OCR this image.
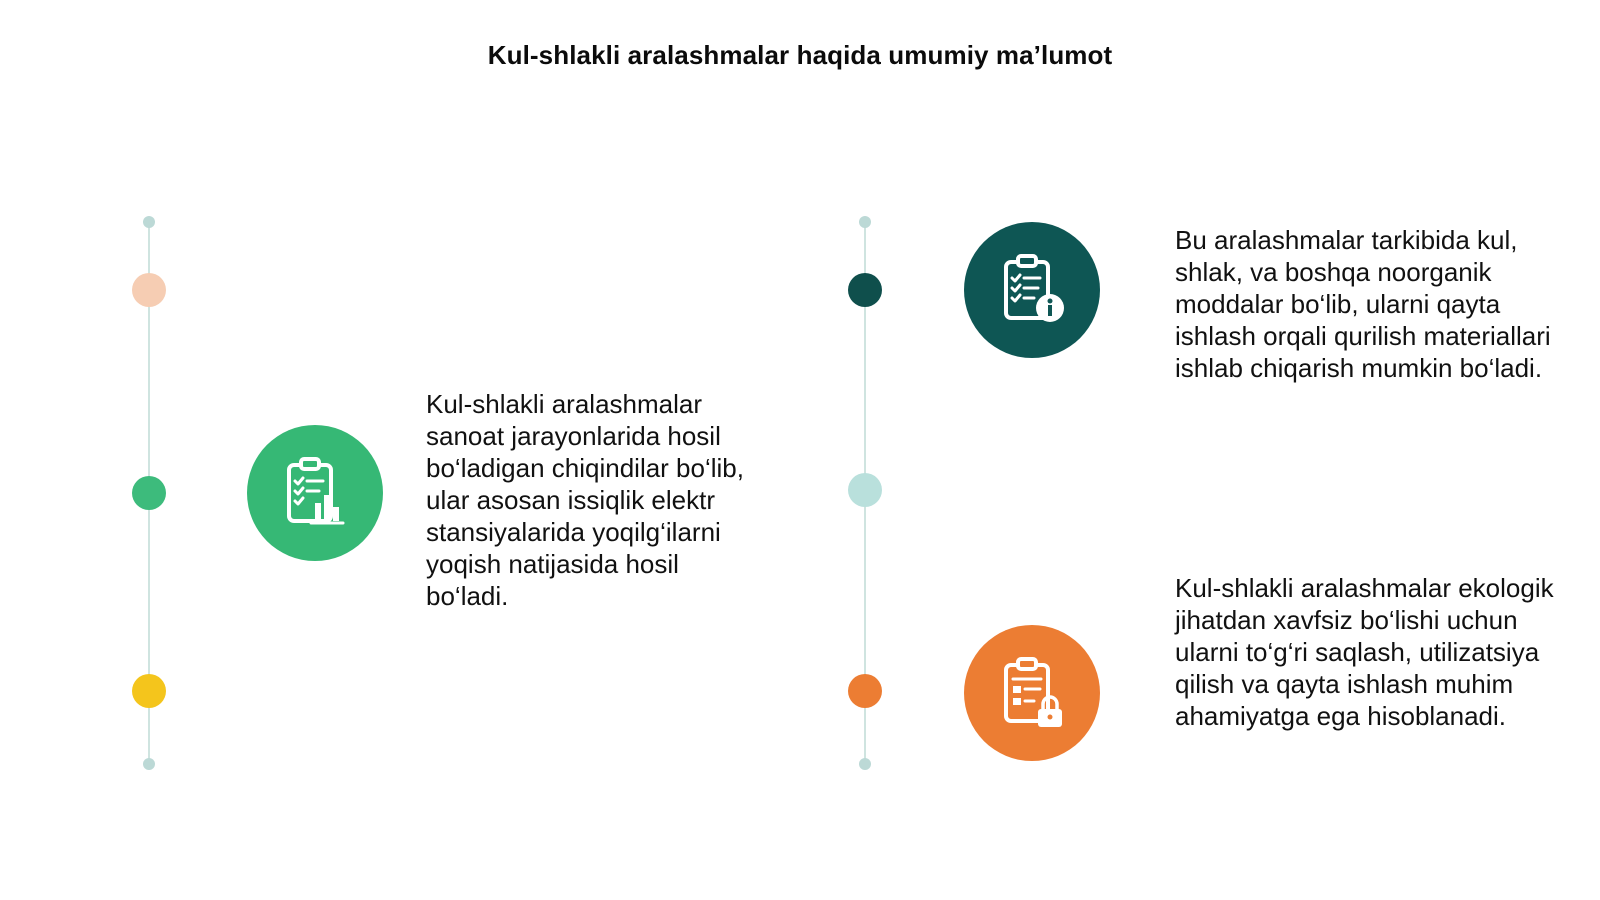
Kul-shlakli aralashmalar haqida umumiy ma’lumot
Kul-shlakli aralashmalar sanoat jarayonlarida hosil bo‘ladigan chiqindilar bo‘lib, ular asosan issiqlik elektr stansiyalarida yoqilg‘ilarni yoqish natijasida hosil bo‘ladi.
Bu aralashmalar tarkibida kul, shlak, va boshqa noorganik moddalar bo‘lib, ularni qayta ishlash orqali qurilish materiallari ishlab chiqarish mumkin bo‘ladi.
Kul-shlakli aralashmalar ekologik jihatdan xavfsiz bo‘lishi uchun ularni to‘g‘ri saqlash, utilizatsiya qilish va qayta ishlash muhim ahamiyatga ega hisoblanadi.
